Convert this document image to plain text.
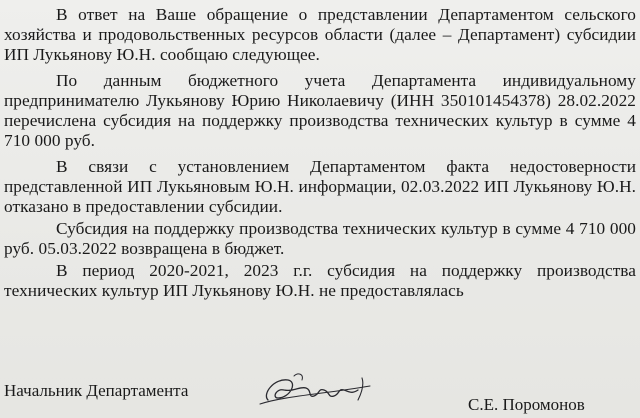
В ответ на Ваше обращение о представлении Департаментом сельского хозяйства и продовольственных ресурсов области (далее – Департамент) субсидии ИП Лукьянову Ю.Н. сообщаю следующее.

По данным бюджетного учета Департамента индивидуальному предпринимателю Лукьянову Юрию Николаевичу (ИНН 350101454378) 28.02.2022 перечислена субсидия на поддержку производства технических культур в сумме 4 710 000 руб.

В связи с установлением Департаментом факта недостоверности представленной ИП Лукьяновым Ю.Н. информации, 02.03.2022 ИП Лукьянову Ю.Н. отказано в предоставлении субсидии.

Субсидия на поддержку производства технических культур в сумме 4 710 000 руб. 05.03.2022 возвращена в бюджет.

В период 2020-2021, 2023 г.г. субсидия на поддержку производства технических культур ИП Лукьянову Ю.Н. не предоставлялась

Начальник Департамента
С.Е. Поромонов
